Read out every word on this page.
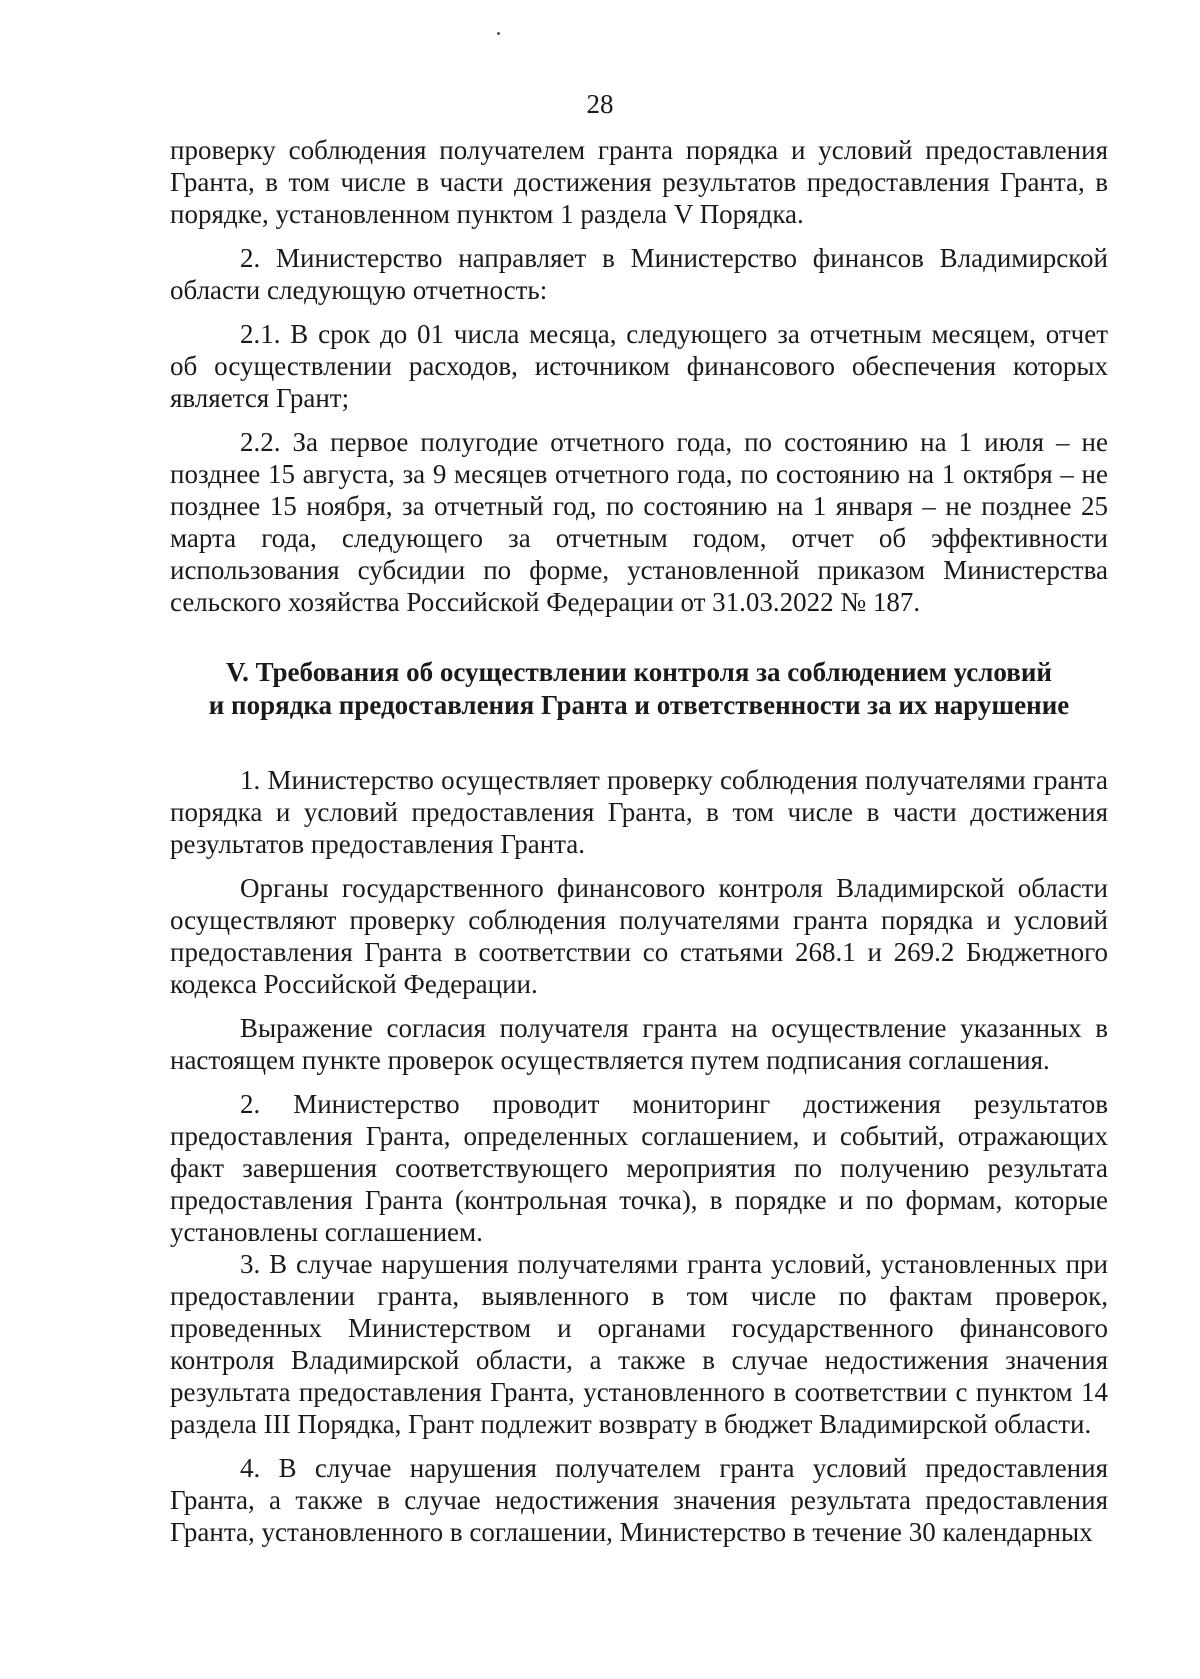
28

проверку соблюдения получателем гранта порядка и условий предоставления Гранта, в том числе в части достижения результатов предоставления Гранта, в порядке, установленном пунктом 1 раздела V Порядка.

2. Министерство направляет в Министерство финансов Владимирской области следующую отчетность:

2.1. В срок до 01 числа месяца, следующего за отчетным месяцем, отчет об осуществлении расходов, источником финансового обеспечения которых является Грант;

2.2. За первое полугодие отчетного года, по состоянию на 1 июля – не позднее 15 августа, за 9 месяцев отчетного года, по состоянию на 1 октября – не позднее 15 ноября, за отчетный год, по состоянию на 1 января – не позднее 25 марта года, следующего за отчетным годом, отчет об эффективности использования субсидии по форме, установленной приказом Министерства сельского хозяйства Российской Федерации от 31.03.2022 № 187.

V. Требования об осуществлении контроля за соблюдением условий
и порядка предоставления Гранта и ответственности за их нарушение

1. Министерство осуществляет проверку соблюдения получателями гранта порядка и условий предоставления Гранта, в том числе в части достижения результатов предоставления Гранта.

Органы государственного финансового контроля Владимирской области осуществляют проверку соблюдения получателями гранта порядка и условий предоставления Гранта в соответствии со статьями 268.1 и 269.2 Бюджетного кодекса Российской Федерации.

Выражение согласия получателя гранта на осуществление указанных в настоящем пункте проверок осуществляется путем подписания соглашения.

2. Министерство проводит мониторинг достижения результатов предоставления Гранта, определенных соглашением, и событий, отражающих факт завершения соответствующего мероприятия по получению результата предоставления Гранта (контрольная точка), в порядке и по формам, которые установлены соглашением.

3. В случае нарушения получателями гранта условий, установленных при предоставлении гранта, выявленного в том числе по фактам проверок, проведенных Министерством и органами государственного финансового контроля Владимирской области, а также в случае недостижения значения результата предоставления Гранта, установленного в соответствии с пунктом 14 раздела III Порядка, Грант подлежит возврату в бюджет Владимирской области.

4. В случае нарушения получателем гранта условий предоставления Гранта, а также в случае недостижения значения результата предоставления Гранта, установленного в соглашении, Министерство в течение 30 календарных
